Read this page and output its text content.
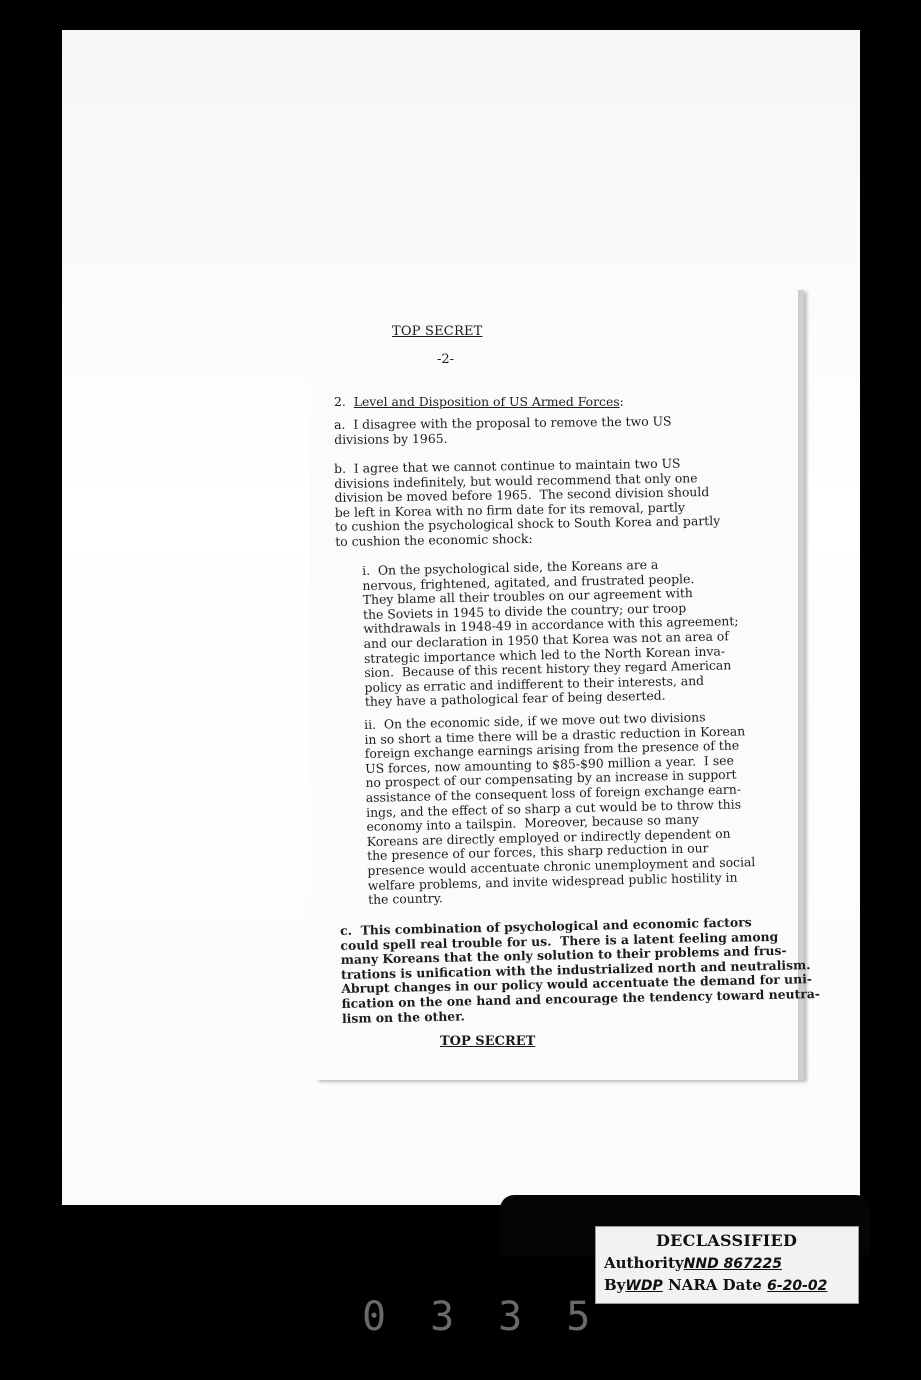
TOP SECRET
-2-
2. Level and Disposition of US Armed Forces:
a.  I disagree with the proposal to remove the two US
divisions by 1965.
b.  I agree that we cannot continue to maintain two US
divisions indefinitely, but would recommend that only one
division be moved before 1965.  The second division should
be left in Korea with no firm date for its removal, partly
to cushion the psychological shock to South Korea and partly
to cushion the economic shock:
i.  On the psychological side, the Koreans are a
nervous, frightened, agitated, and frustrated people.
They blame all their troubles on our agreement with
the Soviets in 1945 to divide the country; our troop
withdrawals in 1948-49 in accordance with this agreement;
and our declaration in 1950 that Korea was not an area of
strategic importance which led to the North Korean inva-
sion.  Because of this recent history they regard American
policy as erratic and indifferent to their interests, and
they have a pathological fear of being deserted.
ii.  On the economic side, if we move out two divisions
in so short a time there will be a drastic reduction in Korean
foreign exchange earnings arising from the presence of the
US forces, now amounting to $85-$90 million a year.  I see
no prospect of our compensating by an increase in support
assistance of the consequent loss of foreign exchange earn-
ings, and the effect of so sharp a cut would be to throw this
economy into a tailspin.  Moreover, because so many
Koreans are directly employed or indirectly dependent on
the presence of our forces, this sharp reduction in our
presence would accentuate chronic unemployment and social
welfare problems, and invite widespread public hostility in
the country.
c.  This combination of psychological and economic factors
could spell real trouble for us.  There is a latent feeling among
many Koreans that the only solution to their problems and frus-
trations is unification with the industrialized north and neutralism.
Abrupt changes in our policy would accentuate the demand for uni-
fication on the one hand and encourage the tendency toward neutra-
lism on the other.
TOP SECRET
DECLASSIFIED
AuthorityNND 867225
ByWDP NARA Date 6-20-02
0335
